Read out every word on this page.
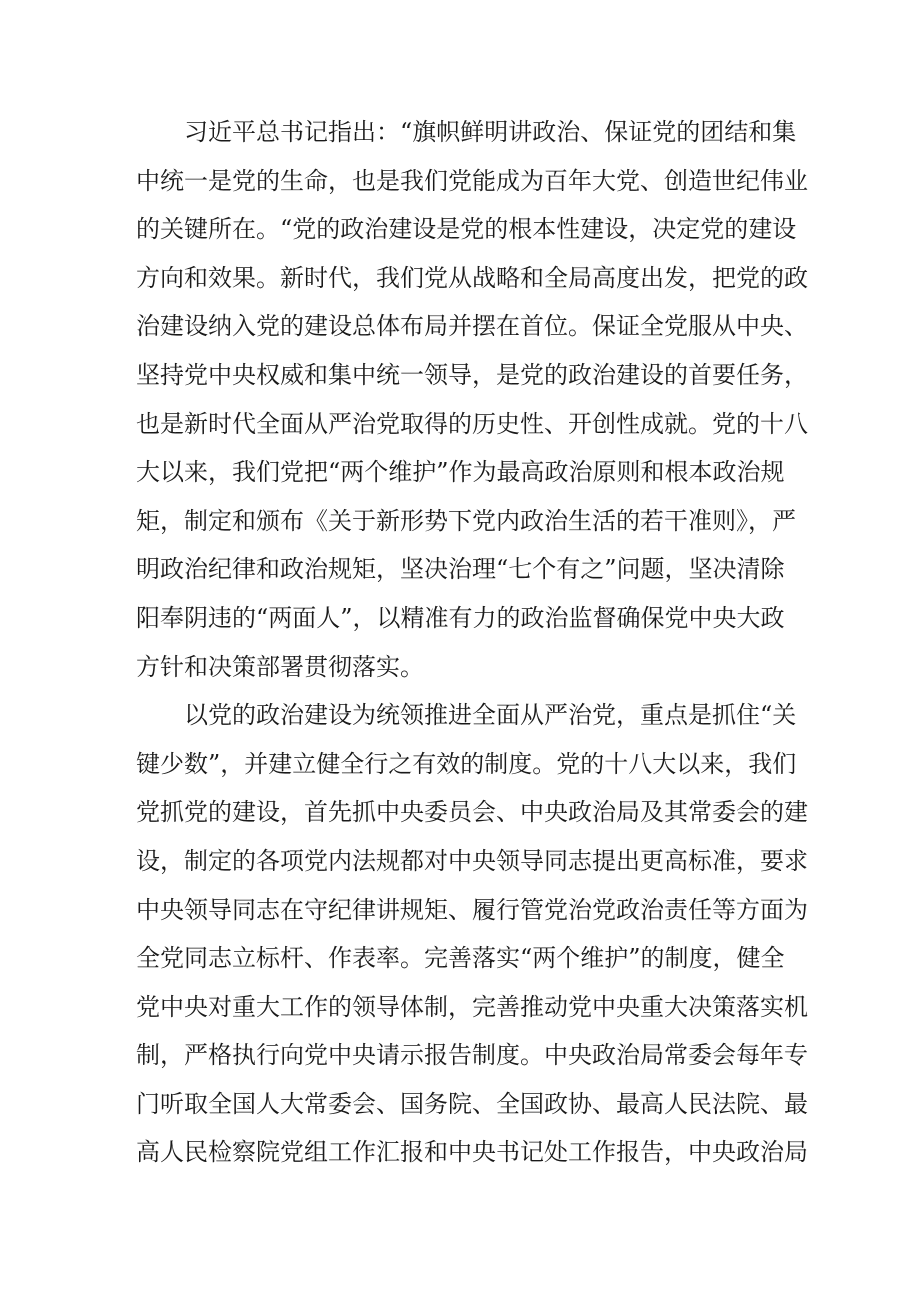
习近平总书记指出：“旗帜鲜明讲政治、保证党的团结和集
中统一是党的生命，也是我们党能成为百年大党、创造世纪伟业
的关键所在。“党的政治建设是党的根本性建设，决定党的建设
方向和效果。新时代，我们党从战略和全局高度出发，把党的政
治建设纳入党的建设总体布局并摆在首位。保证全党服从中央、
坚持党中央权威和集中统一领导，是党的政治建设的首要任务，
也是新时代全面从严治党取得的历史性、开创性成就。党的十八
大以来，我们党把“两个维护”作为最高政治原则和根本政治规
矩，制定和颁布《关于新形势下党内政治生活的若干准则》，严
明政治纪律和政治规矩，坚决治理“七个有之”问题，坚决清除
阳奉阴违的“两面人”，以精准有力的政治监督确保党中央大政
方针和决策部署贯彻落实。
以党的政治建设为统领推进全面从严治党，重点是抓住“关
键少数”，并建立健全行之有效的制度。党的十八大以来，我们
党抓党的建设，首先抓中央委员会、中央政治局及其常委会的建
设，制定的各项党内法规都对中央领导同志提出更高标准，要求
中央领导同志在守纪律讲规矩、履行管党治党政治责任等方面为
全党同志立标杆、作表率。完善落实“两个维护”的制度，健全
党中央对重大工作的领导体制，完善推动党中央重大决策落实机
制，严格执行向党中央请示报告制度。中央政治局常委会每年专
门听取全国人大常委会、国务院、全国政协、最高人民法院、最
高人民检察院党组工作汇报和中央书记处工作报告，中央政治局
